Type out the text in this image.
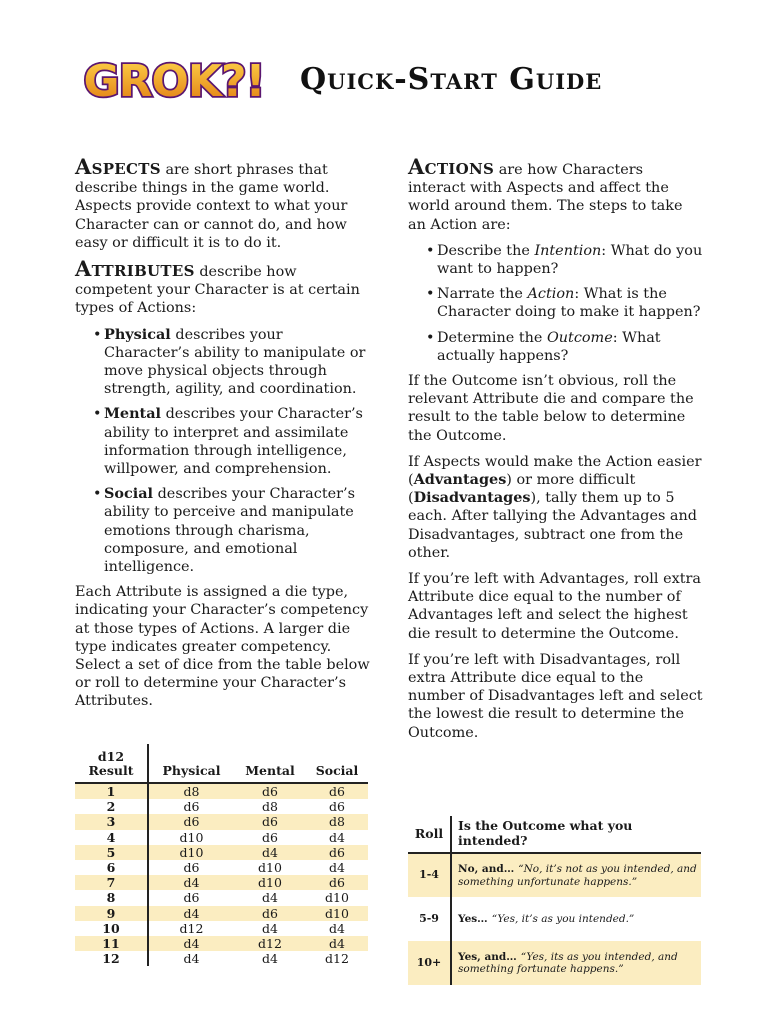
GROK?! Quick-Start Guide

Aspects are short phrases that describe things in the game world. Aspects provide context to what your Character can or cannot do, and how easy or difficult it is to do it.

Attributes describe how competent your Character is at certain types of Actions:

• Physical describes your Character’s ability to manipulate or move physical objects through strength, agility, and coordination.
• Mental describes your Character’s ability to interpret and assimilate information through intelligence, willpower, and comprehension.
• Social describes your Character’s ability to perceive and manipulate emotions through charisma, composure, and emotional intelligence.

Each Attribute is assigned a die type, indicating your Character’s competency at those types of Actions. A larger die type indicates greater competency. Select a set of dice from the table below or roll to determine your Character’s Attributes.

d12 Result	Physical	Mental	Social
1	d8	d6	d6
2	d6	d8	d6
3	d6	d6	d8
4	d10	d6	d4
5	d10	d4	d6
6	d6	d10	d4
7	d4	d10	d6
8	d6	d4	d10
9	d4	d6	d10
10	d12	d4	d4
11	d4	d12	d4
12	d4	d4	d12

Actions are how Characters interact with Aspects and affect the world around them. The steps to take an Action are:

• Describe the Intention: What do you want to happen?
• Narrate the Action: What is the Character doing to make it happen?
• Determine the Outcome: What actually happens?

If the Outcome isn’t obvious, roll the relevant Attribute die and compare the result to the table below to determine the Outcome.

If Aspects would make the Action easier (Advantages) or more difficult (Disadvantages), tally them up to 5 each. After tallying the Advantages and Disadvantages, subtract one from the other.

If you’re left with Advantages, roll extra Attribute dice equal to the number of Advantages left and select the highest die result to determine the Outcome.

If you’re left with Disadvantages, roll extra Attribute dice equal to the number of Disadvantages left and select the lowest die result to determine the Outcome.

Roll	Is the Outcome what you intended?
1-4	No, and… “No, it’s not as you intended, and something unfortunate happens.”
5-9	Yes… “Yes, it’s as you intended.”
10+	Yes, and… “Yes, its as you intended, and something fortunate happens.”
